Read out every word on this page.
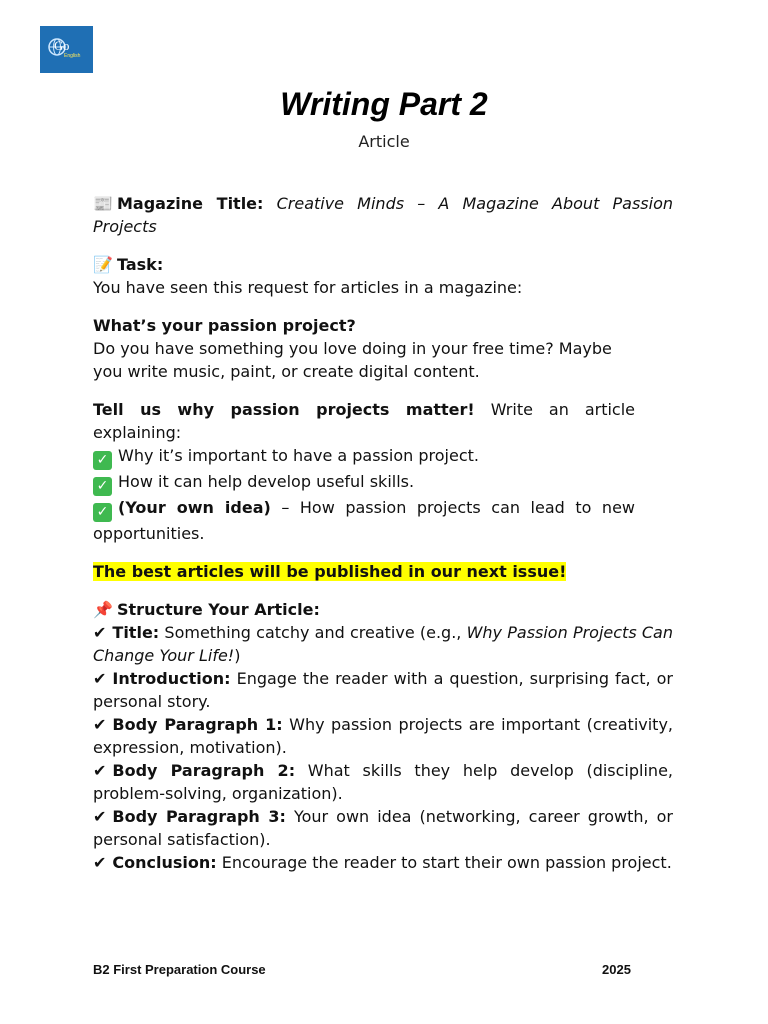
Go
English
Writing Part 2
Article

📰 Magazine Title: Creative Minds – A Magazine About Passion Projects

📝 Task:
You have seen this request for articles in a magazine:

What’s your passion project?
Do you have something you love doing in your free time? Maybe you write music, paint, or create digital content.

Tell us why passion projects matter! Write an article explaining:
✓ Why it’s important to have a passion project.
✓ How it can help develop useful skills.
✓ (Your own idea) – How passion projects can lead to new opportunities.

The best articles will be published in our next issue!

📌 Structure Your Article:
✔ Title: Something catchy and creative (e.g., Why Passion Projects Can Change Your Life!)
✔ Introduction: Engage the reader with a question, surprising fact, or personal story.
✔ Body Paragraph 1: Why passion projects are important (creativity, expression, motivation).
✔ Body Paragraph 2: What skills they help develop (discipline, problem-solving, organization).
✔ Body Paragraph 3: Your own idea (networking, career growth, or personal satisfaction).
✔ Conclusion: Encourage the reader to start their own passion project.
B2 First Preparation Course	2025
